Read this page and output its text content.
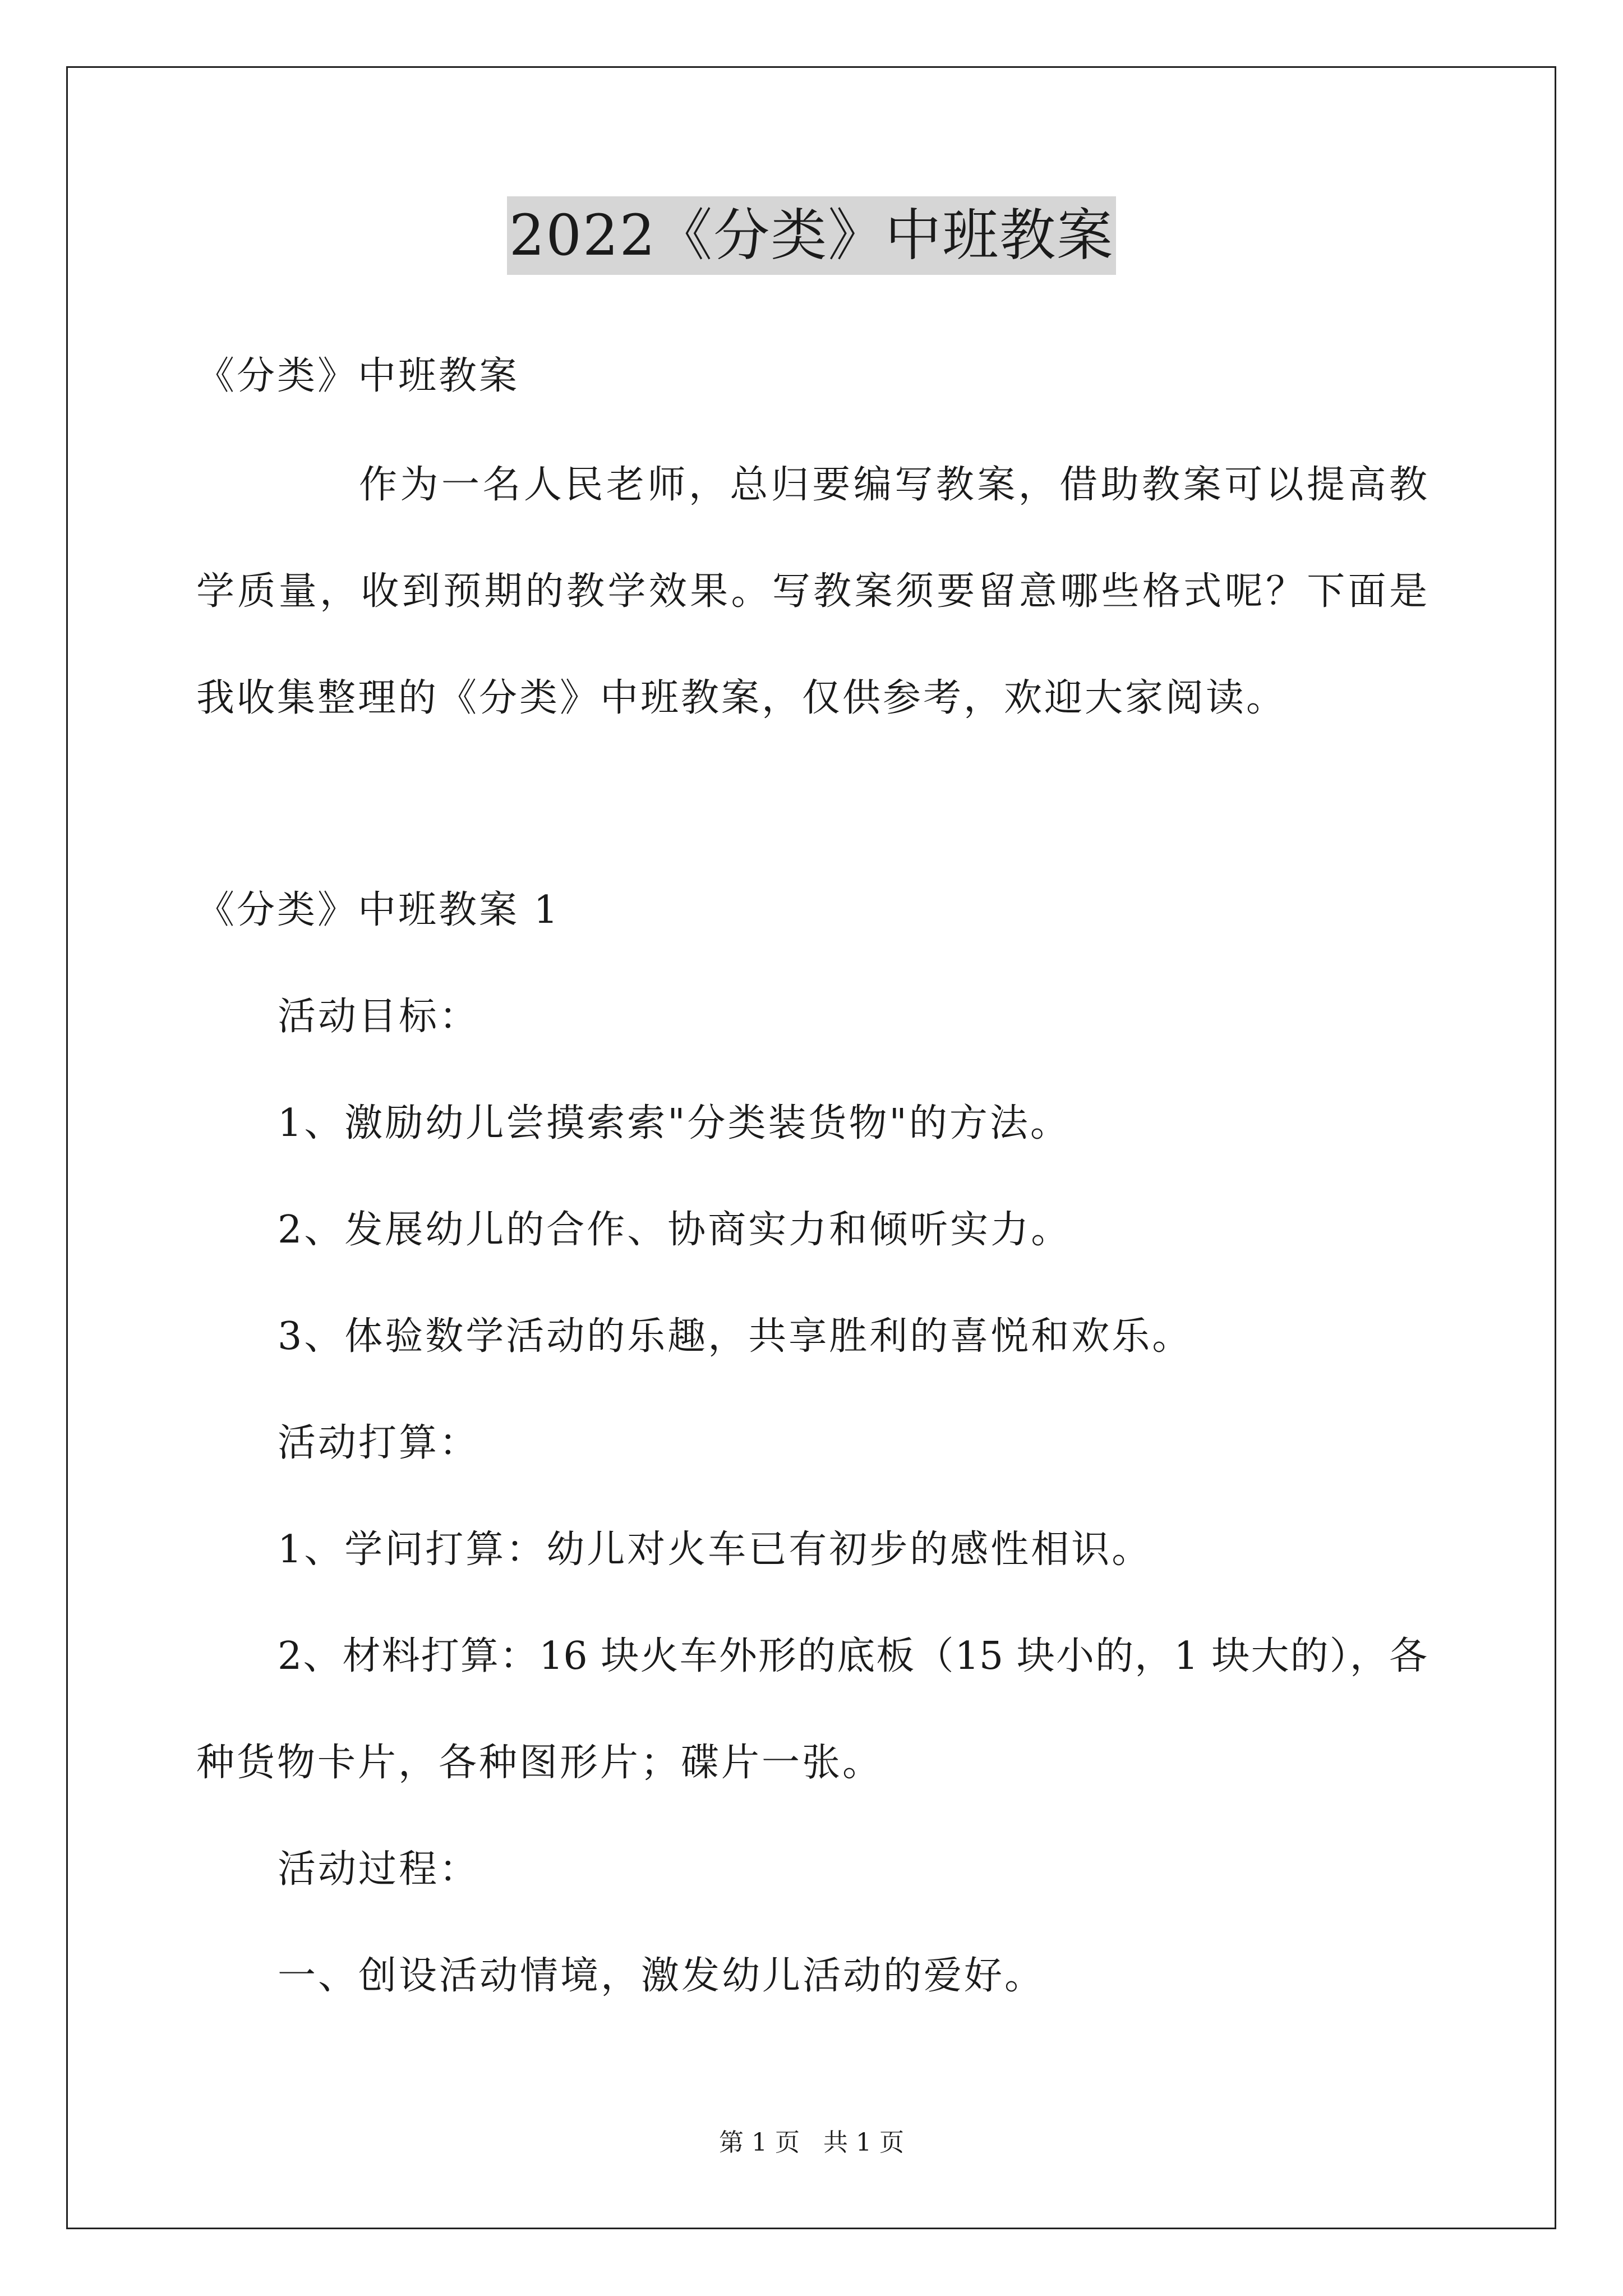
2022《分类》中班教案
《分类》中班教案
作为一名人民老师，总归要编写教案，借助教案可以提高教
学质量，收到预期的教学效果。写教案须要留意哪些格式呢？下面是
我收集整理的《分类》中班教案，仅供参考，欢迎大家阅读。
《分类》中班教案 1
活动目标：
1、激励幼儿尝摸索索"分类装货物"的方法。
2、发展幼儿的合作、协商实力和倾听实力。
3、体验数学活动的乐趣，共享胜利的喜悦和欢乐。
活动打算：
1、学问打算：幼儿对火车已有初步的感性相识。
2、材料打算：16 块火车外形的底板（15 块小的，1 块大的），各
种货物卡片，各种图形片；碟片一张。
活动过程：
一、创设活动情境，激发幼儿活动的爱好。
第 1 页   共 1 页
